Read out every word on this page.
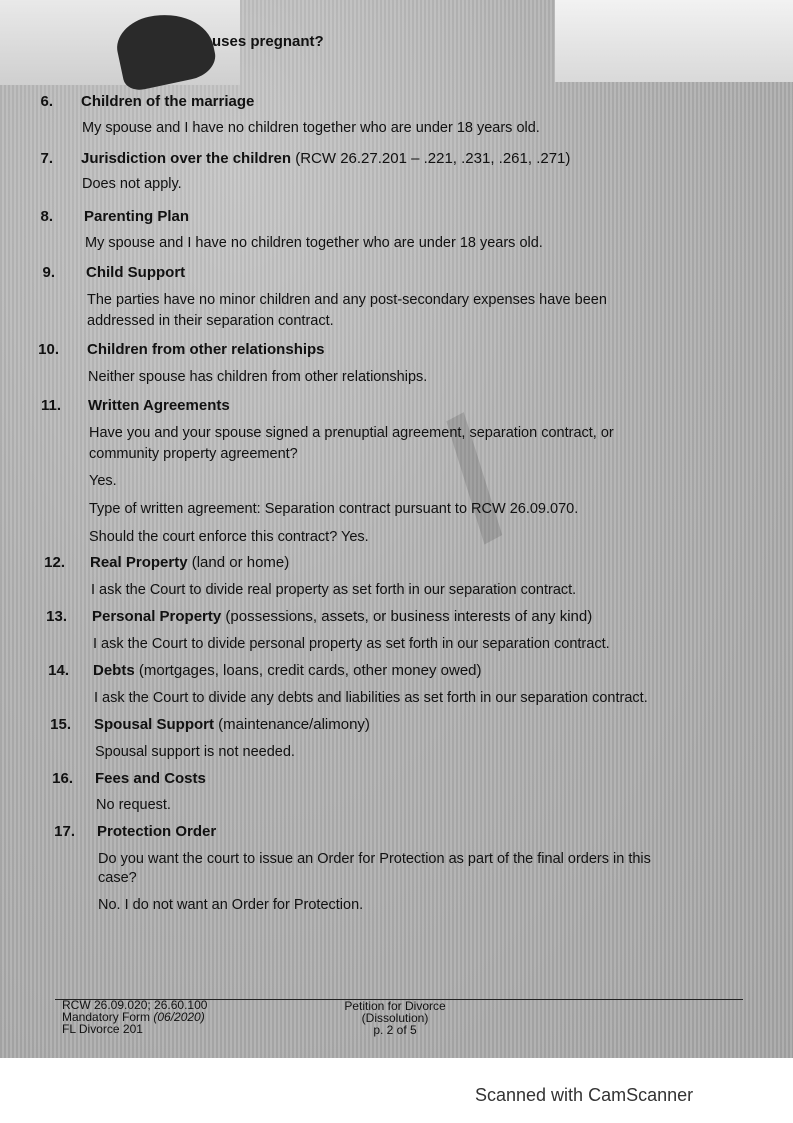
/
uses pregnant?
6. Children of the marriage
My spouse and I have no children together who are under 18 years old.
7. Jurisdiction over the children (RCW 26.27.201 – .221, .231, .261, .271)
Does not apply.
8. Parenting Plan
My spouse and I have no children together who are under 18 years old.
9. Child Support
The parties have no minor children and any post-secondary expenses have been
addressed in their separation contract.
10. Children from other relationships
Neither spouse has children from other relationships.
11. Written Agreements
Have you and your spouse signed a prenuptial agreement, separation contract, or
community property agreement?
Yes.
Type of written agreement: Separation contract pursuant to RCW 26.09.070.
Should the court enforce this contract? Yes.
12. Real Property (land or home)
I ask the Court to divide real property as set forth in our separation contract.
13. Personal Property (possessions, assets, or business interests of any kind)
I ask the Court to divide personal property as set forth in our separation contract.
14. Debts (mortgages, loans, credit cards, other money owed)
I ask the Court to divide any debts and liabilities as set forth in our separation contract.
15. Spousal Support (maintenance/alimony)
Spousal support is not needed.
16. Fees and Costs
No request.
17. Protection Order
Do you want the court to issue an Order for Protection as part of the final orders in this
case?
No. I do not want an Order for Protection.
RCW 26.09.020; 26.60.100
Mandatory Form (06/2020)
FL Divorce 201
Petition for Divorce
(Dissolution)
p. 2 of 5
Scanned with CamScanner
